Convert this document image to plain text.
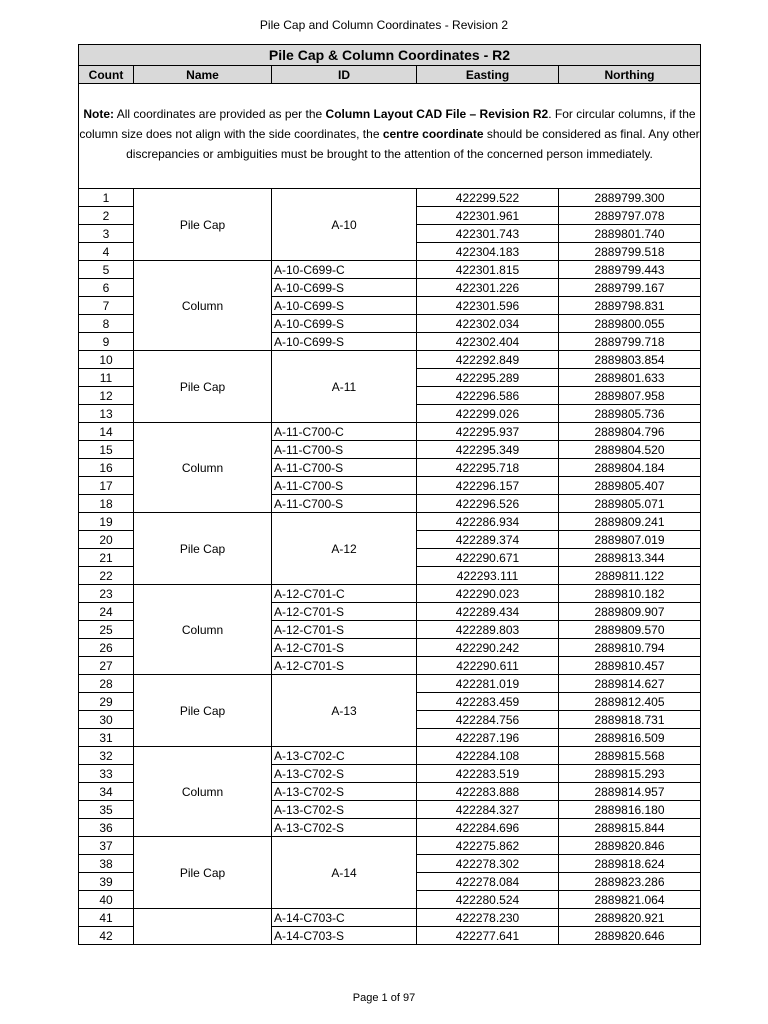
Pile Cap and Column Coordinates - Revision 2
Pile Cap & Column Coordinates - R2				
Count	Name	ID	Easting	Northing

Note: All coordinates are provided as per the Column Layout CAD File – Revision R2. For circular columns, if the column size does not align with the side coordinates, the centre coordinate should be considered as final. Any other discrepancies or ambiguities must be brought to the attention of the concerned person immediately.				

1	Pile Cap	A-10	422299.522	2889799.300
2			422301.961	2889797.078
3			422301.743	2889801.740
4			422304.183	2889799.518
5	Column	A-10-C699-C	422301.815	2889799.443
6		A-10-C699-S	422301.226	2889799.167
7		A-10-C699-S	422301.596	2889798.831
8		A-10-C699-S	422302.034	2889800.055
9		A-10-C699-S	422302.404	2889799.718
10	Pile Cap	A-11	422292.849	2889803.854
11			422295.289	2889801.633
12			422296.586	2889807.958
13			422299.026	2889805.736
14	Column	A-11-C700-C	422295.937	2889804.796
15		A-11-C700-S	422295.349	2889804.520
16		A-11-C700-S	422295.718	2889804.184
17		A-11-C700-S	422296.157	2889805.407
18		A-11-C700-S	422296.526	2889805.071
19	Pile Cap	A-12	422286.934	2889809.241
20			422289.374	2889807.019
21			422290.671	2889813.344
22			422293.111	2889811.122
23	Column	A-12-C701-C	422290.023	2889810.182
24		A-12-C701-S	422289.434	2889809.907
25		A-12-C701-S	422289.803	2889809.570
26		A-12-C701-S	422290.242	2889810.794
27		A-12-C701-S	422290.611	2889810.457
28	Pile Cap	A-13	422281.019	2889814.627
29			422283.459	2889812.405
30			422284.756	2889818.731
31			422287.196	2889816.509
32	Column	A-13-C702-C	422284.108	2889815.568
33		A-13-C702-S	422283.519	2889815.293
34		A-13-C702-S	422283.888	2889814.957
35		A-13-C702-S	422284.327	2889816.180
36		A-13-C702-S	422284.696	2889815.844
37	Pile Cap	A-14	422275.862	2889820.846
38			422278.302	2889818.624
39			422278.084	2889823.286
40			422280.524	2889821.064
41		A-14-C703-C	422278.230	2889820.921
42		A-14-C703-S	422277.641	2889820.646
Page 1 of 97
